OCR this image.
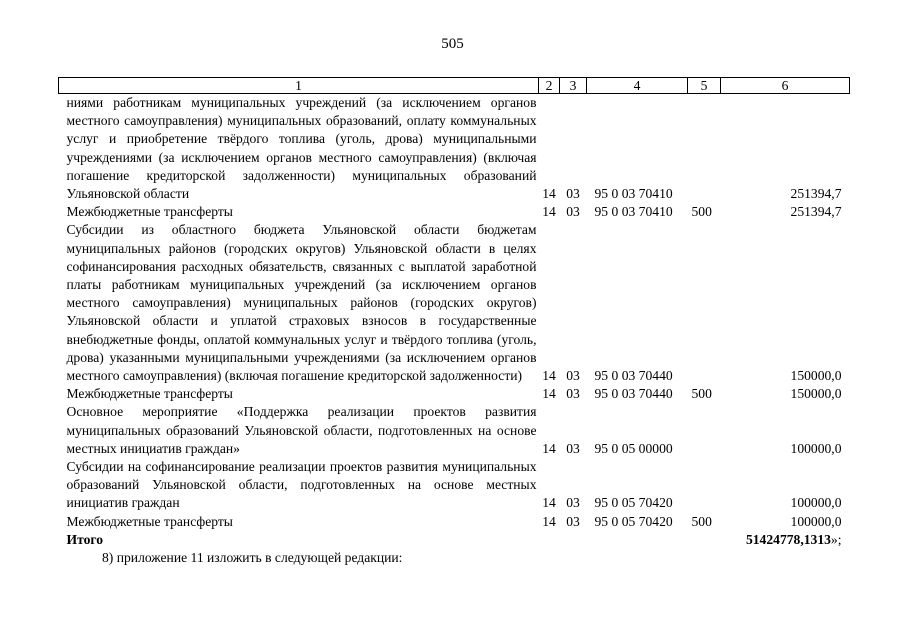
505
1	2	3	4	5	6
ниями работникам муниципальных учреждений (за исключением органов местного самоуправления) муниципальных образований, оплату коммунальных услуг и приобретение твёрдого топлива (уголь, дрова) муниципальными учреждениями (за исключением органов местного самоуправления) (включая погашение кредиторской задолженности) муниципальных образований Ульяновской области	14	03	95 0 03 70410		251394,7
Межбюджетные трансферты	14	03	95 0 03 70410	500	251394,7
Субсидии из областного бюджета Ульяновской области бюджетам муниципальных районов (городских округов) Ульяновской области в целях софинансирования расходных обязательств, связанных с выплатой заработной платы работникам муниципальных учреждений (за исключением органов местного самоуправления) муниципальных районов (городских округов) Ульяновской области и уплатой страховых взносов в государственные внебюджетные фонды, оплатой коммунальных услуг и твёрдого топлива (уголь, дрова) указанными муниципальными учреждениями (за исключением органов местного самоуправления) (включая погашение кредиторской задолженности)	14	03	95 0 03 70440		150000,0
Межбюджетные трансферты	14	03	95 0 03 70440	500	150000,0
Основное мероприятие «Поддержка реализации проектов развития муниципальных образований Ульяновской области, подготовленных на основе местных инициатив граждан»	14	03	95 0 05 00000		100000,0
Субсидии на софинансирование реализации проектов развития муниципальных образований Ульяновской области, подготовленных на основе местных инициатив граждан	14	03	95 0 05 70420		100000,0
Межбюджетные трансферты	14	03	95 0 05 70420	500	100000,0
Итого					51424778,1313»;
8) приложение 11 изложить в следующей редакции:
